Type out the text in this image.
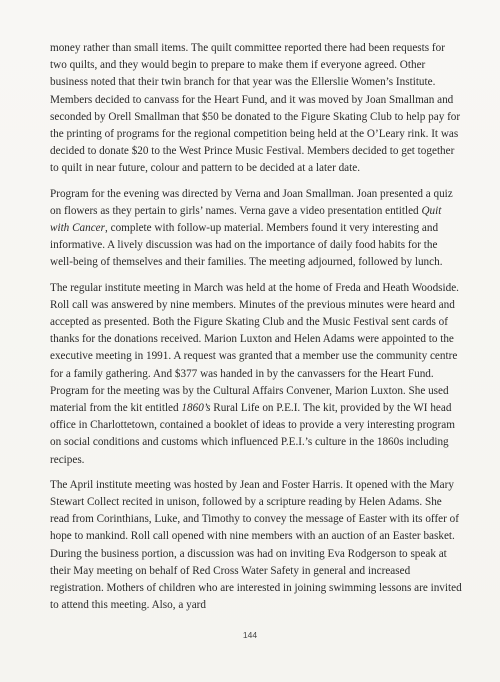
money rather than small items. The quilt committee reported there had been requests for two quilts, and they would begin to prepare to make them if everyone agreed. Other business noted that their twin branch for that year was the Ellerslie Women’s Institute. Members decided to canvass for the Heart Fund, and it was moved by Joan Smallman and seconded by Orell Smallman that $50 be donated to the Figure Skating Club to help pay for the printing of programs for the regional competition being held at the O’Leary rink. It was decided to donate $20 to the West Prince Music Festival. Members decided to get together to quilt in near future, colour and pattern to be decided at a later date.

Program for the evening was directed by Verna and Joan Smallman. Joan presented a quiz on flowers as they pertain to girls’ names. Verna gave a video presentation entitled Quit with Cancer, complete with follow-up material. Members found it very interesting and informative. A lively discussion was had on the importance of daily food habits for the well-being of themselves and their families. The meeting adjourned, followed by lunch.

The regular institute meeting in March was held at the home of Freda and Heath Woodside. Roll call was answered by nine members. Minutes of the previous minutes were heard and accepted as presented. Both the Figure Skating Club and the Music Festival sent cards of thanks for the donations received. Marion Luxton and Helen Adams were appointed to the executive meeting in 1991. A request was granted that a member use the community centre for a family gathering. And $377 was handed in by the canvassers for the Heart Fund. Program for the meeting was by the Cultural Affairs Convener, Marion Luxton. She used material from the kit entitled 1860’s Rural Life on P.E.I. The kit, provided by the WI head office in Charlottetown, contained a booklet of ideas to provide a very interesting program on social conditions and customs which influenced P.E.I.’s culture in the 1860s including recipes.

The April institute meeting was hosted by Jean and Foster Harris. It opened with the Mary Stewart Collect recited in unison, followed by a scripture reading by Helen Adams. She read from Corinthians, Luke, and Timothy to convey the message of Easter with its offer of hope to mankind. Roll call opened with nine members with an auction of an Easter basket. During the business portion, a discussion was had on inviting Eva Rodgerson to speak at their May meeting on behalf of Red Cross Water Safety in general and increased registration. Mothers of children who are interested in joining swimming lessons are invited to attend this meeting. Also, a yard

144
